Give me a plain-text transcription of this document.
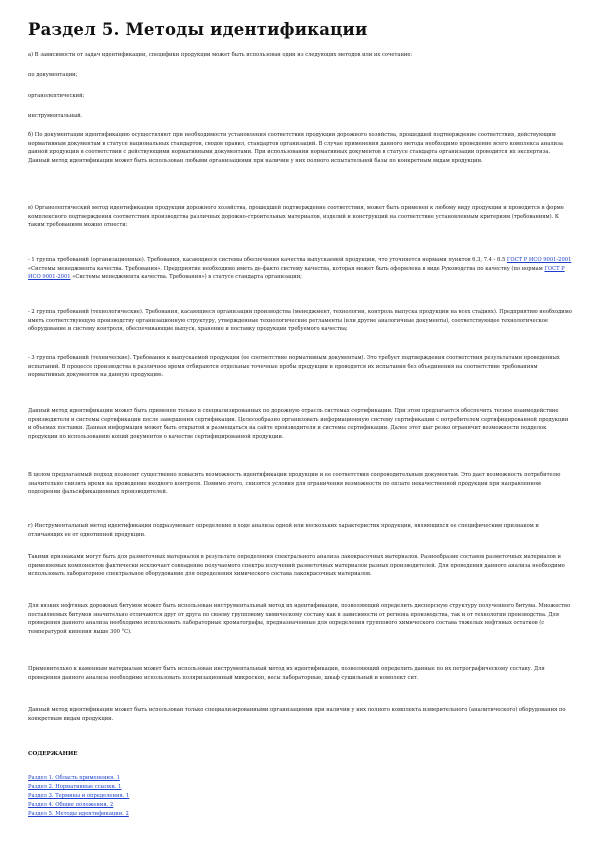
Раздел 5. Методы идентификации

а) В зависимости от задач идентификации, специфики продукции может быть использован один из следующих методов или их сочетание:

по документации;

органолептический;

инструментальный.

б) По документации идентификацию осуществляют при необходимости установления соответствия продукции дорожного хозяйства, прошедшей подтверждение соответствия, действующим нормативным документам в статусе национальных стандартов, сводов правил, стандартов организаций. В случае применения данного метода необходимо проведение всего комплекса анализа данной продукции в соответствии с действующими нормативными документами. При использовании нормативных документов в статусе стандарта организации проводится их экспертиза. Данный метод идентификации может быть использован любыми организациями при наличии у них полного испытательной базы по конкретным видам продукции.

в) Органолептический метод идентификации продукции дорожного хозяйства, прошедшей подтверждение соответствия, может быть применен к любому виду продукции и проводится в форме комплексного подтверждения соответствия производства различных дорожно-строительных материалов, изделий и конструкций на соответствие установленным критериям (требованиям). К таким требованиям можно отнести:

- 1 группа требований (организационные). Требования, касающиеся системы обеспечения качества выпускаемой продукции, что уточняется нормами пунктов 6.3, 7.4 - 8.5 ГОСТ Р ИСО 9001-2001 «Системы менеджмента качества. Требования». Предприятие необходимо иметь де-факто систему качества, которая может быть оформлена в виде Руководства по качеству (по нормам ГОСТ Р ИСО 9001-2001 «Системы менеджмента качества. Требования») в статусе стандарта организации;

- 2 группа требований (технологические). Требования, касающиеся организации производства (менеджмент, технологии, контроль выпуска продукции на всех стадиях). Предприятию необходимо иметь соответствующую производству организационную структуру, утвержденные технологические регламенты (или другие аналогичные документы), соответствующее технологическое оборудование и систему контроля, обеспечивающие выпуск, хранение и поставку продукции требуемого качества;

- 3 группа требований (технические). Требования к выпускаемой продукции (ее соответствие нормативным документам). Это требует подтверждения соответствия результатами проведенных испытаний. В процессе производства в различное время отбираются отдельные точечные пробы продукции и проводятся их испытания без объединения на соответствие требованиям нормативных документов на данную продукцию.

Данный метод идентификации может быть применен только в специализированных по дорожную отрасль системах сертификации. При этом предлагается обеспечить тесное взаимодействие производителя и системы сертификации после завершения сертификации. Целесообразно организовать информационную систему сертификации с потребителем сертифицированной продукции и объемах поставки. Данная информация может быть открытой и размещаться на сайте производителя и системы сертификации. Далее этот шаг резко ограничит возможности подделок продукции по использованию копий документов о качестве сертифицированной продукции.

В целом предлагаемый подход позволит существенно повысить возможность идентификации продукции и ее соответствия сопроводительным документам. Это дает возможность потребителю значительно снизить время на проведение входного контроля. Помимо этого, снизятся условия для ограничения возможности по оплате некачественной продукции при направленном подозрении фальсификационных производителей.

г) Инструментальный метод идентификации подразумевает определение в ходе анализа одной или нескольких характеристик продукции, являющихся ее специфическим признаком и отличающих ее от однотипной продукции.

Такими признаками могут быть для разметочных материалов в результате определения спектрального анализа лакокрасочных материалов. Разнообразие составов разметочных материалов и применяемых компонентов фактически исключает совпадение получаемого спектра излучений разметочных материалов разных производителей. Для проведения данного анализа необходимо использовать лабораторное спектральное оборудование для определения химического состава лакокрасочных материалов.

Для вязких нефтяных дорожных битумов может быть использован инструментальный метод их идентификации, позволяющий определить дисперсную структуру полученного битума. Множество поставляемых битумов значительно отличаются друг от друга по своему групповому химическому составу как в зависимости от региона производства, так и от технологии производства. Для проведения данного анализа необходимо использовать лабораторные хроматографы, предназначенные для определения группового химического состава тяжелых нефтяных остатков (с температурой кипения выше 300 °С).

Применительно к каменным материалам может быть использован инструментальный метод их идентификации, позволяющий определить данные по их петрографическому составу. Для проведения данного анализа необходимо использовать поляризационный микроскоп, весы лабораторные, шкаф сушильный и комплект сит.

Данный метод идентификации может быть использован только специализированными организациями при наличии у них полного комплекта измерительного (аналитического) оборудования по конкретным видам продукции.

СОДЕРЖАНИЕ
Раздел 1. Область применения. 1
Раздел 2. Нормативные ссылки. 1
Раздел 3. Термины и определения. 1
Раздел 4. Общие положения. 2
Раздел 5. Методы идентификации. 2
